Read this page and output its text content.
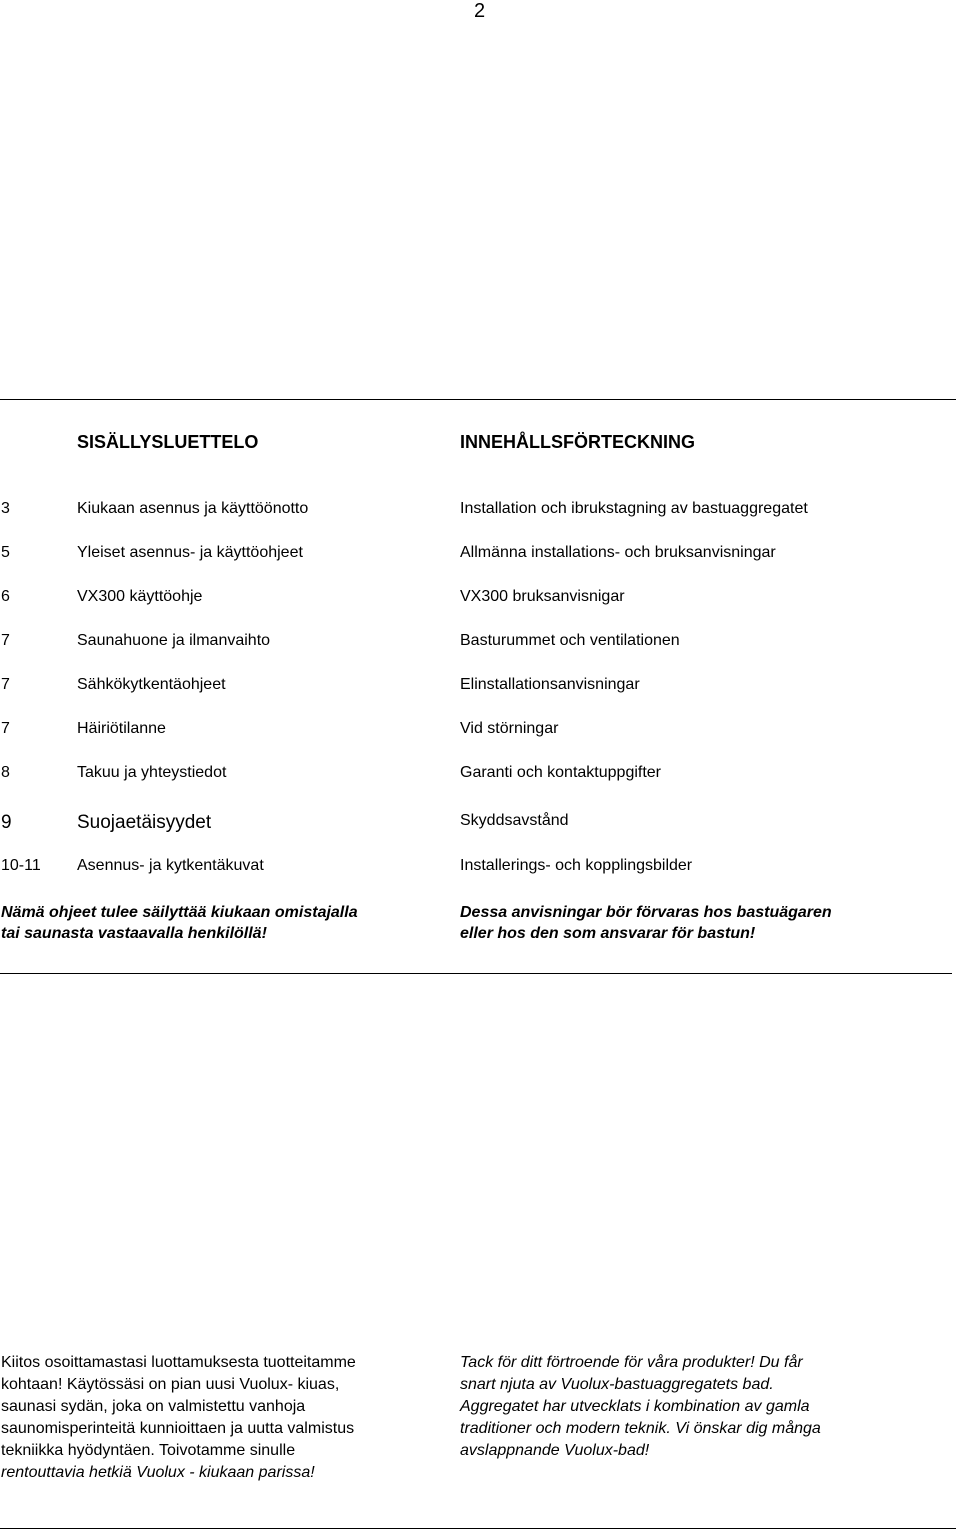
2
SISÄLLYSLUETTELO	INNEHÅLLSFÖRTECKNING
3	Kiukaan asennus ja käyttöönotto	Installation och ibrukstagning av bastuaggregatet
5	Yleiset asennus- ja käyttöohjeet	Allmänna installations- och bruksanvisningar
6	VX300 käyttöohje	VX300 bruksanvisnigar
7	Saunahuone ja ilmanvaihto	Basturummet och ventilationen
7	Sähkökytkentäohjeet	Elinstallationsanvisningar
7	Häiriötilanne	Vid störningar
8	Takuu ja yhteystiedot	Garanti och kontaktuppgifter
9	Suojaetäisyydet	Skyddsavstånd
10-11 Asennus- ja kytkentäkuvat	Installerings- och kopplingsbilder
Nämä ohjeet tulee säilyttää kiukaan omistajalla
tai saunasta vastaavalla henkilöllä!
Dessa anvisningar bör förvaras hos bastuägaren
eller hos den som ansvarar för bastun!
Kiitos osoittamastasi luottamuksesta tuotteitamme
kohtaan! Käytössäsi on pian uusi Vuolux- kiuas,
saunasi sydän, joka on valmistettu vanhoja
saunomisperinteitä kunnioittaen ja uutta valmistus
tekniikka hyödyntäen. Toivotamme sinulle
rentouttavia hetkiä Vuolux - kiukaan parissa!
Tack för ditt förtroende för våra produkter! Du får
snart njuta av Vuolux-bastuaggregatets bad.
Aggregatet har utvecklats i kombination av gamla
traditioner och modern teknik. Vi önskar dig många
avslappnande Vuolux-bad!
